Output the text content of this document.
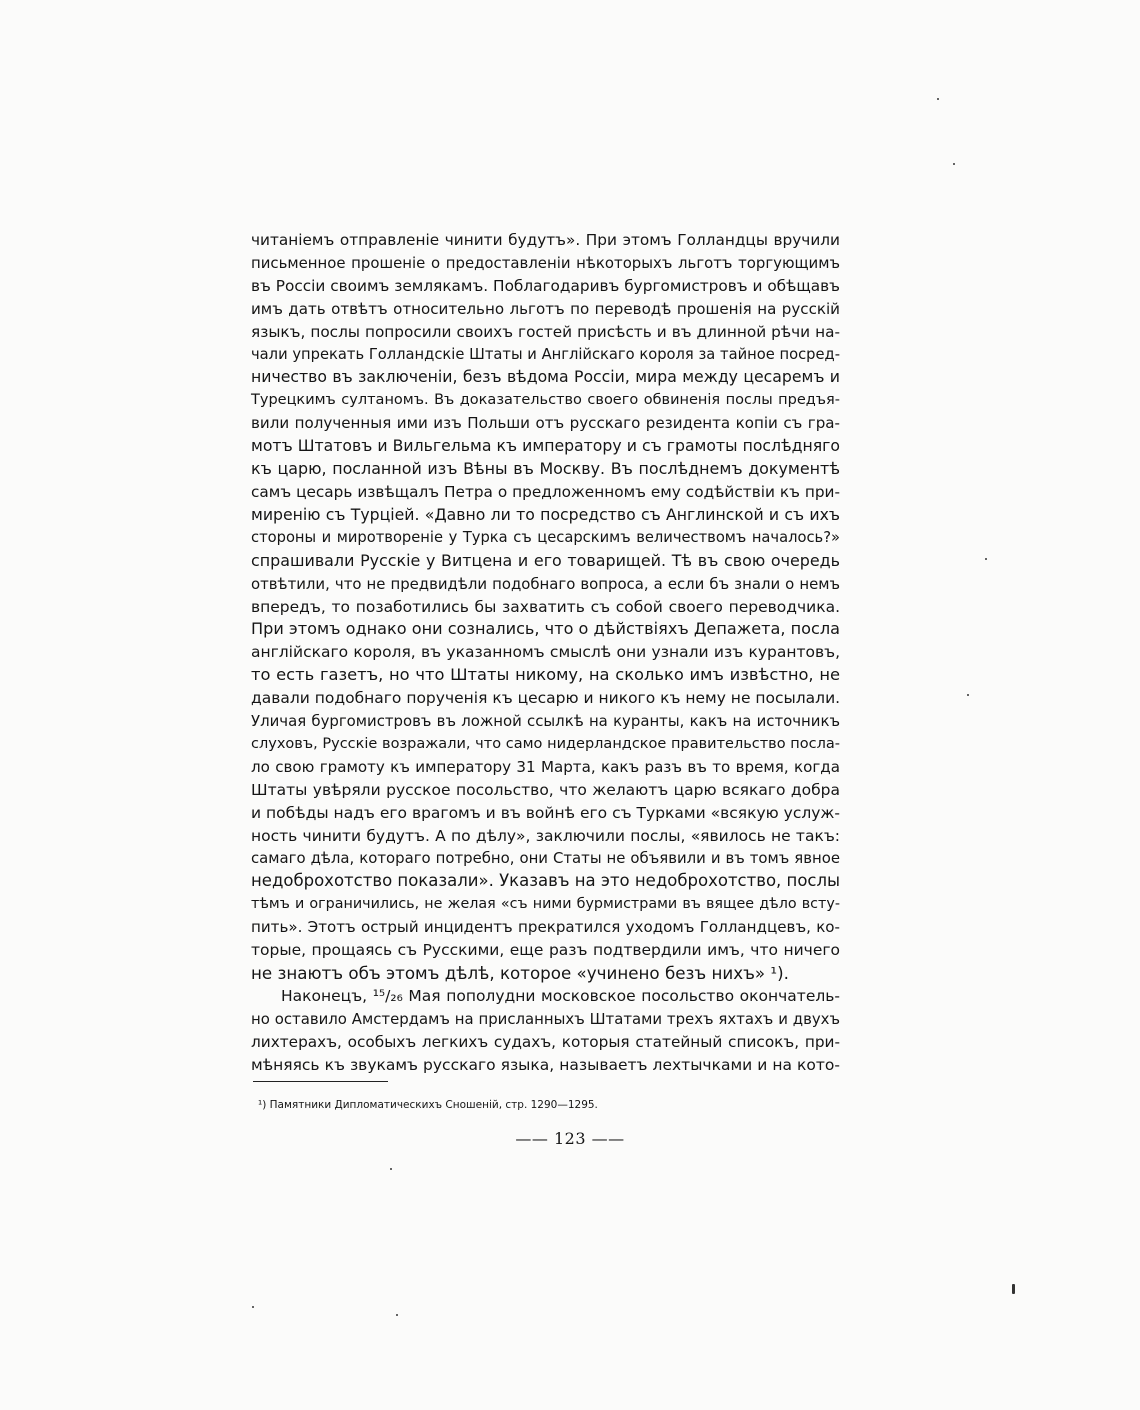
читаніемъ отправленіе чинити будутъ». При этомъ Голландцы вручили
письменное прошеніе о предоставленіи нѣкоторыхъ льготъ торгующимъ
въ Россіи своимъ землякамъ. Поблагодаривъ бургомистровъ и обѣщавъ
имъ дать отвѣтъ относительно льготъ по переводѣ прошенія на русскій
языкъ, послы попросили своихъ гостей присѣсть и въ длинной рѣчи на-
чали упрекать Голландскіе Штаты и Англійскаго короля за тайное посред-
ничество въ заключеніи, безъ вѣдома Россіи, мира между цесаремъ и
Турецкимъ султаномъ. Въ доказательство своего обвиненія послы предъя-
вили полученныя ими изъ Польши отъ русскаго резидента копіи съ гра-
мотъ Штатовъ и Вильгельма къ императору и съ грамоты послѣдняго
къ царю, посланной изъ Вѣны въ Москву. Въ послѣднемъ документѣ
самъ цесарь извѣщалъ Петра о предложенномъ ему содѣйствіи къ при-
миренію съ Турціей. «Давно ли то посредство съ Англинской и съ ихъ
стороны и миротвореніе у Турка съ цесарскимъ величествомъ началось?»
спрашивали Русскіе у Витцена и его товарищей. Тѣ въ свою очередь
отвѣтили, что не предвидѣли подобнаго вопроса, а если бъ знали о немъ
впередъ, то позаботились бы захватить съ собой своего переводчика.
При этомъ однако они сознались, что о дѣйствіяхъ Депажета, посла
англійскаго короля, въ указанномъ смыслѣ они узнали изъ курантовъ,
то есть газетъ, но что Штаты никому, на сколько имъ извѣстно, не
давали подобнаго порученія къ цесарю и никого къ нему не посылали.
Уличая бургомистровъ въ ложной ссылкѣ на куранты, какъ на источникъ
слуховъ, Русскіе возражали, что само нидерландское правительство посла-
ло свою грамоту къ императору 31 Марта, какъ разъ въ то время, когда
Штаты увѣряли русское посольство, что желаютъ царю всякаго добра
и побѣды надъ его врагомъ и въ войнѣ его съ Турками «всякую услуж-
ность чинити будутъ. А по дѣлу», заключили послы, «явилось не такъ:
самаго дѣла, котораго потребно, они Статы не объявили и въ томъ явное
недоброхотство показали». Указавъ на это недоброхотство, послы
тѣмъ и ограничились, не желая «съ ними бурмистрами въ вящее дѣло всту-
пить». Этотъ острый инцидентъ прекратился уходомъ Голландцевъ, ко-
торые, прощаясь съ Русскими, еще разъ подтвердили имъ, что ничего
не знаютъ объ этомъ дѣлѣ, которое «учинено безъ нихъ» ¹).
Наконецъ, ¹⁵/₂₆ Мая пополудни московское посольство окончатель-
но оставило Амстердамъ на присланныхъ Штатами трехъ яхтахъ и двухъ
лихтерахъ, особыхъ легкихъ судахъ, которыя статейный списокъ, при-
мѣняясь къ звукамъ русскаго языка, называетъ лехтычками и на кото-
¹) Памятники Дипломатическихъ Сношеній, стр. 1290—1295.
—— 123 ——
